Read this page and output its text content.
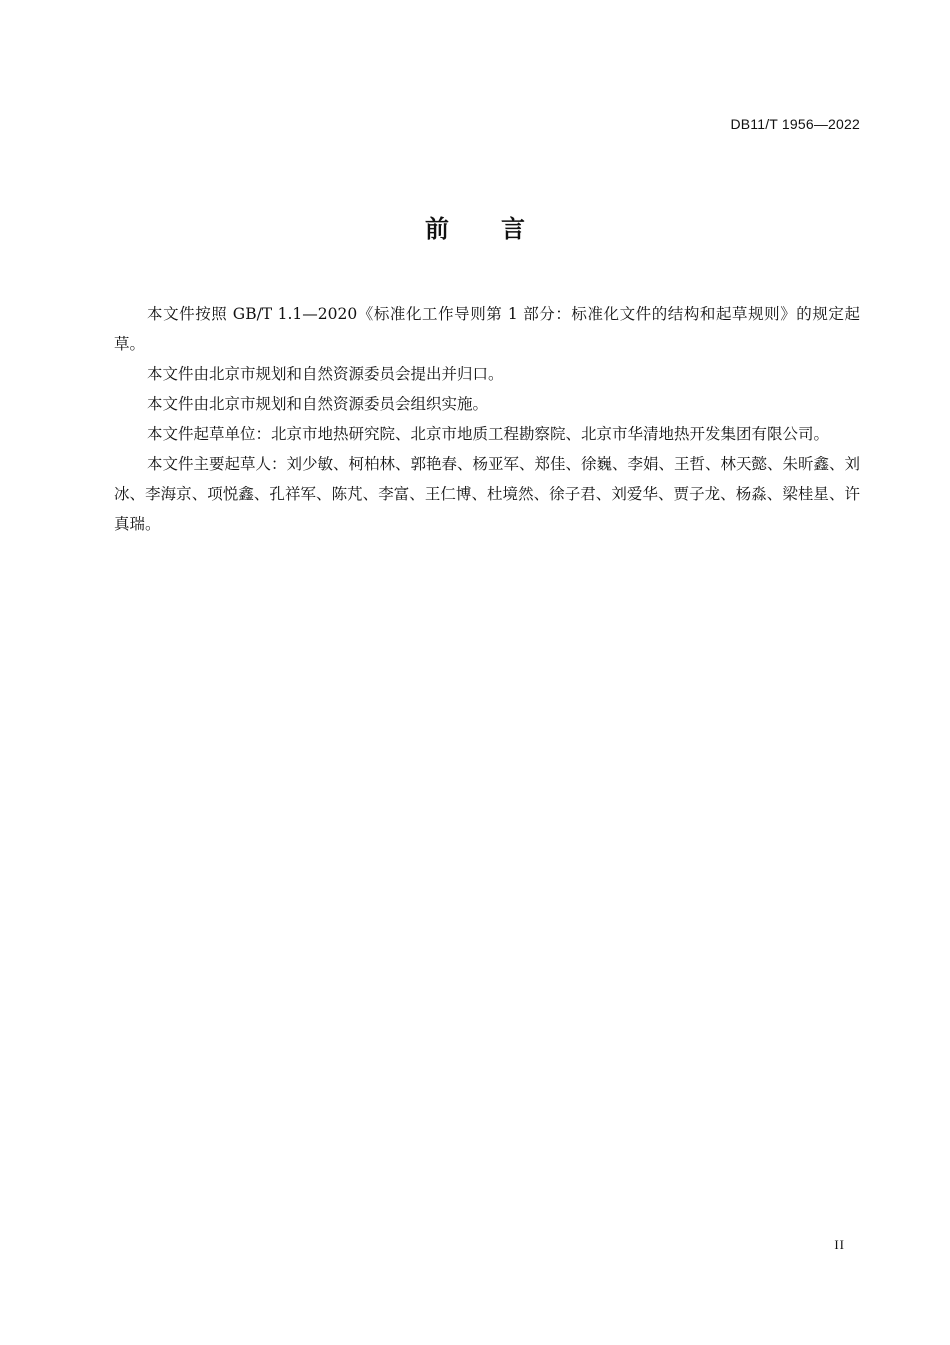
DB11/T 1956—2022
前言

本文件按照 GB/T 1.1—2020《标准化工作导则第 1 部分：标准化文件的结构和起草规则》的规定起草。

本文件由北京市规划和自然资源委员会提出并归口。

本文件由北京市规划和自然资源委员会组织实施。

本文件起草单位：北京市地热研究院、北京市地质工程勘察院、北京市华清地热开发集团有限公司。

本文件主要起草人：刘少敏、柯柏林、郭艳春、杨亚军、郑佳、徐巍、李娟、王哲、林天懿、朱昕鑫、刘冰、李海京、项悦鑫、孔祥军、陈芃、李富、王仁博、杜境然、徐子君、刘爱华、贾子龙、杨淼、梁桂星、许真瑞。

II
